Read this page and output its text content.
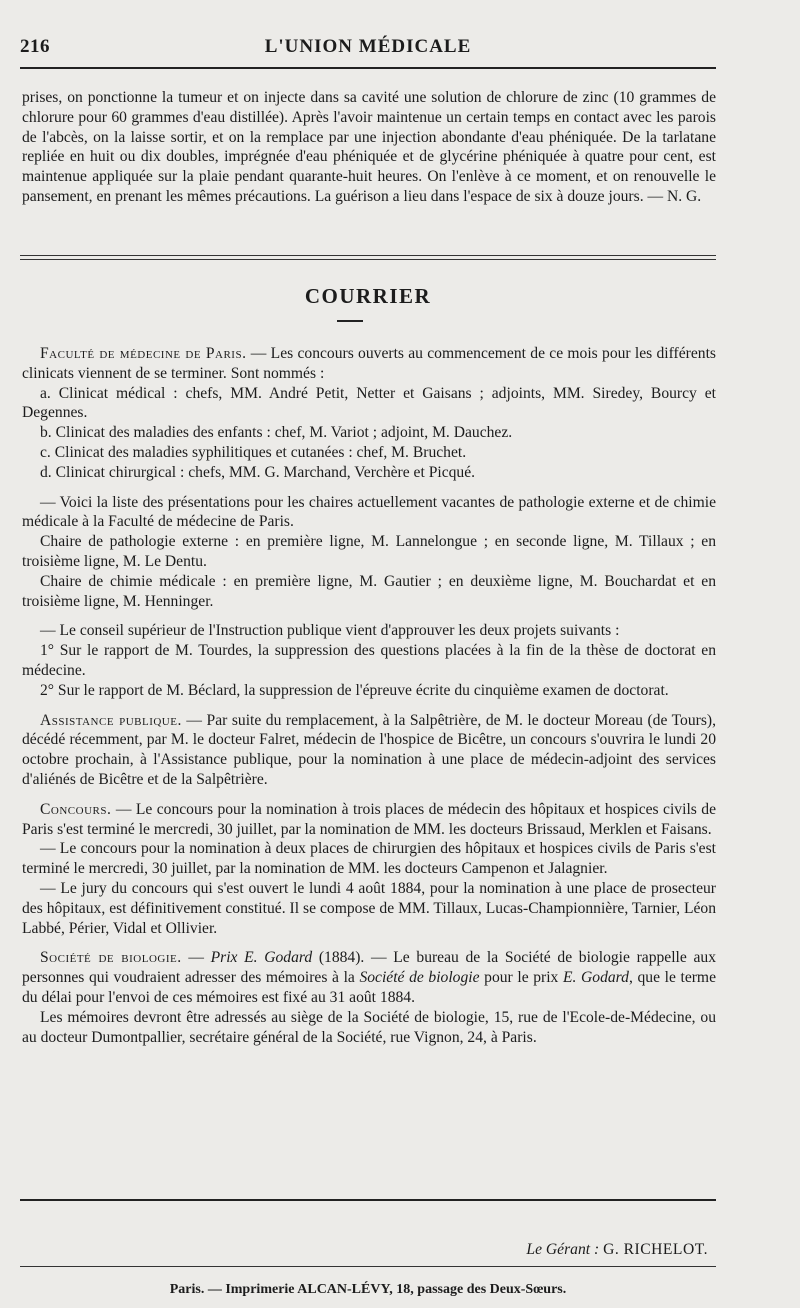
216	L'UNION MÉDICALE

prises, on ponctionne la tumeur et on injecte dans sa cavité une solution de chlorure de zinc (10 grammes de chlorure pour 60 grammes d'eau distillée). Après l'avoir maintenue un certain temps en contact avec les parois de l'abcès, on la laisse sortir, et on la remplace par une injection abondante d'eau phéniquée. De la tarlatane repliée en huit ou dix doubles, imprégnée d'eau phéniquée et de glycérine phéniquée à quatre pour cent, est maintenue appliquée sur la plaie pendant quarante-huit heures. On l'enlève à ce moment, et on renouvelle le pansement, en prenant les mêmes précautions. La guérison a lieu dans l'espace de six à douze jours. — N. G.

COURRIER

Faculté de médecine de Paris. — Les concours ouverts au commencement de ce mois pour les différents clinicats viennent de se terminer. Sont nommés :

a. Clinicat médical : chefs, MM. André Petit, Netter et Gaisans ; adjoints, MM. Siredey, Bourcy et Degennes.

b. Clinicat des maladies des enfants : chef, M. Variot ; adjoint, M. Dauchez.

c. Clinicat des maladies syphilitiques et cutanées : chef, M. Bruchet.

d. Clinicat chirurgical : chefs, MM. G. Marchand, Verchère et Picqué.

— Voici la liste des présentations pour les chaires actuellement vacantes de pathologie externe et de chimie médicale à la Faculté de médecine de Paris.

Chaire de pathologie externe : en première ligne, M. Lannelongue ; en seconde ligne, M. Tillaux ; en troisième ligne, M. Le Dentu.

Chaire de chimie médicale : en première ligne, M. Gautier ; en deuxième ligne, M. Bouchardat et en troisième ligne, M. Henninger.

— Le conseil supérieur de l'Instruction publique vient d'approuver les deux projets suivants :

1° Sur le rapport de M. Tourdes, la suppression des questions placées à la fin de la thèse de doctorat en médecine.

2° Sur le rapport de M. Béclard, la suppression de l'épreuve écrite du cinquième examen de doctorat.

Assistance publique. — Par suite du remplacement, à la Salpêtrière, de M. le docteur Moreau (de Tours), décédé récemment, par M. le docteur Falret, médecin de l'hospice de Bicêtre, un concours s'ouvrira le lundi 20 octobre prochain, à l'Assistance publique, pour la nomination à une place de médecin-adjoint des services d'aliénés de Bicêtre et de la Salpêtrière.

Concours. — Le concours pour la nomination à trois places de médecin des hôpitaux et hospices civils de Paris s'est terminé le mercredi, 30 juillet, par la nomination de MM. les docteurs Brissaud, Merklen et Faisans.

— Le concours pour la nomination à deux places de chirurgien des hôpitaux et hospices civils de Paris s'est terminé le mercredi, 30 juillet, par la nomination de MM. les docteurs Campenon et Jalagnier.

— Le jury du concours qui s'est ouvert le lundi 4 août 1884, pour la nomination à une place de prosecteur des hôpitaux, est définitivement constitué. Il se compose de MM. Tillaux, Lucas-Championnière, Tarnier, Léon Labbé, Périer, Vidal et Ollivier.

Société de biologie. — Prix E. Godard (1884). — Le bureau de la Société de biologie rappelle aux personnes qui voudraient adresser des mémoires à la Société de biologie pour le prix E. Godard, que le terme du délai pour l'envoi de ces mémoires est fixé au 31 août 1884.

Les mémoires devront être adressés au siège de la Société de biologie, 15, rue de l'Ecole-de-Médecine, ou au docteur Dumontpallier, secrétaire général de la Société, rue Vignon, 24, à Paris.

Le Gérant : G. RICHELOT.
Paris. — Imprimerie ALCAN-LÉVY, 18, passage des Deux-Sœurs.
